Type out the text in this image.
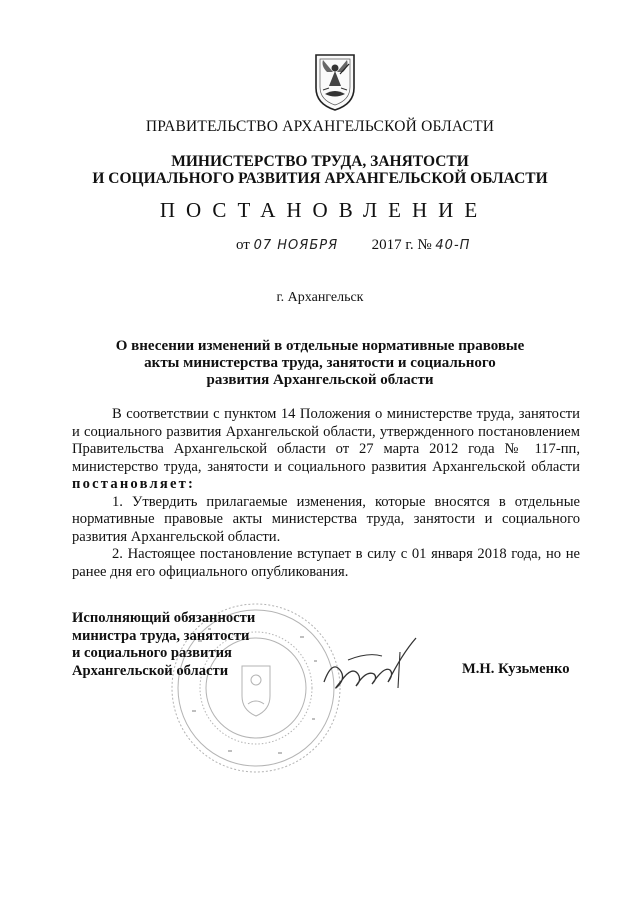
ПРАВИТЕЛЬСТВО АРХАНГЕЛЬСКОЙ ОБЛАСТИ
МИНИСТЕРСТВО ТРУДА, ЗАНЯТОСТИ
И СОЦИАЛЬНОГО РАЗВИТИЯ АРХАНГЕЛЬСКОЙ ОБЛАСТИ
ПОСТАНОВЛЕНИЕ
от 07 НОЯБРЯ 2017 г. № 40-П
г. Архангельск
О внесении изменений в отдельные нормативные правовые
акты министерства труда, занятости и социального
развития Архангельской области

В соответствии с пунктом 14 Положения о министерстве труда, занятости и социального развития Архангельской области, утвержденного постановлением Правительства Архангельской области от 27 марта 2012 года № 117-пп, министерство труда, занятости и социального развития Архангельской области постановляет:

1. Утвердить прилагаемые изменения, которые вносятся в отдельные нормативные правовые акты министерства труда, занятости и социального развития Архангельской области.

2. Настоящее постановление вступает в силу с 01 января 2018 года, но не ранее дня его официального опубликования.

Исполняющий обязанности
министра труда, занятости
и социального развития
Архангельской области	М.Н. Кузьменко
